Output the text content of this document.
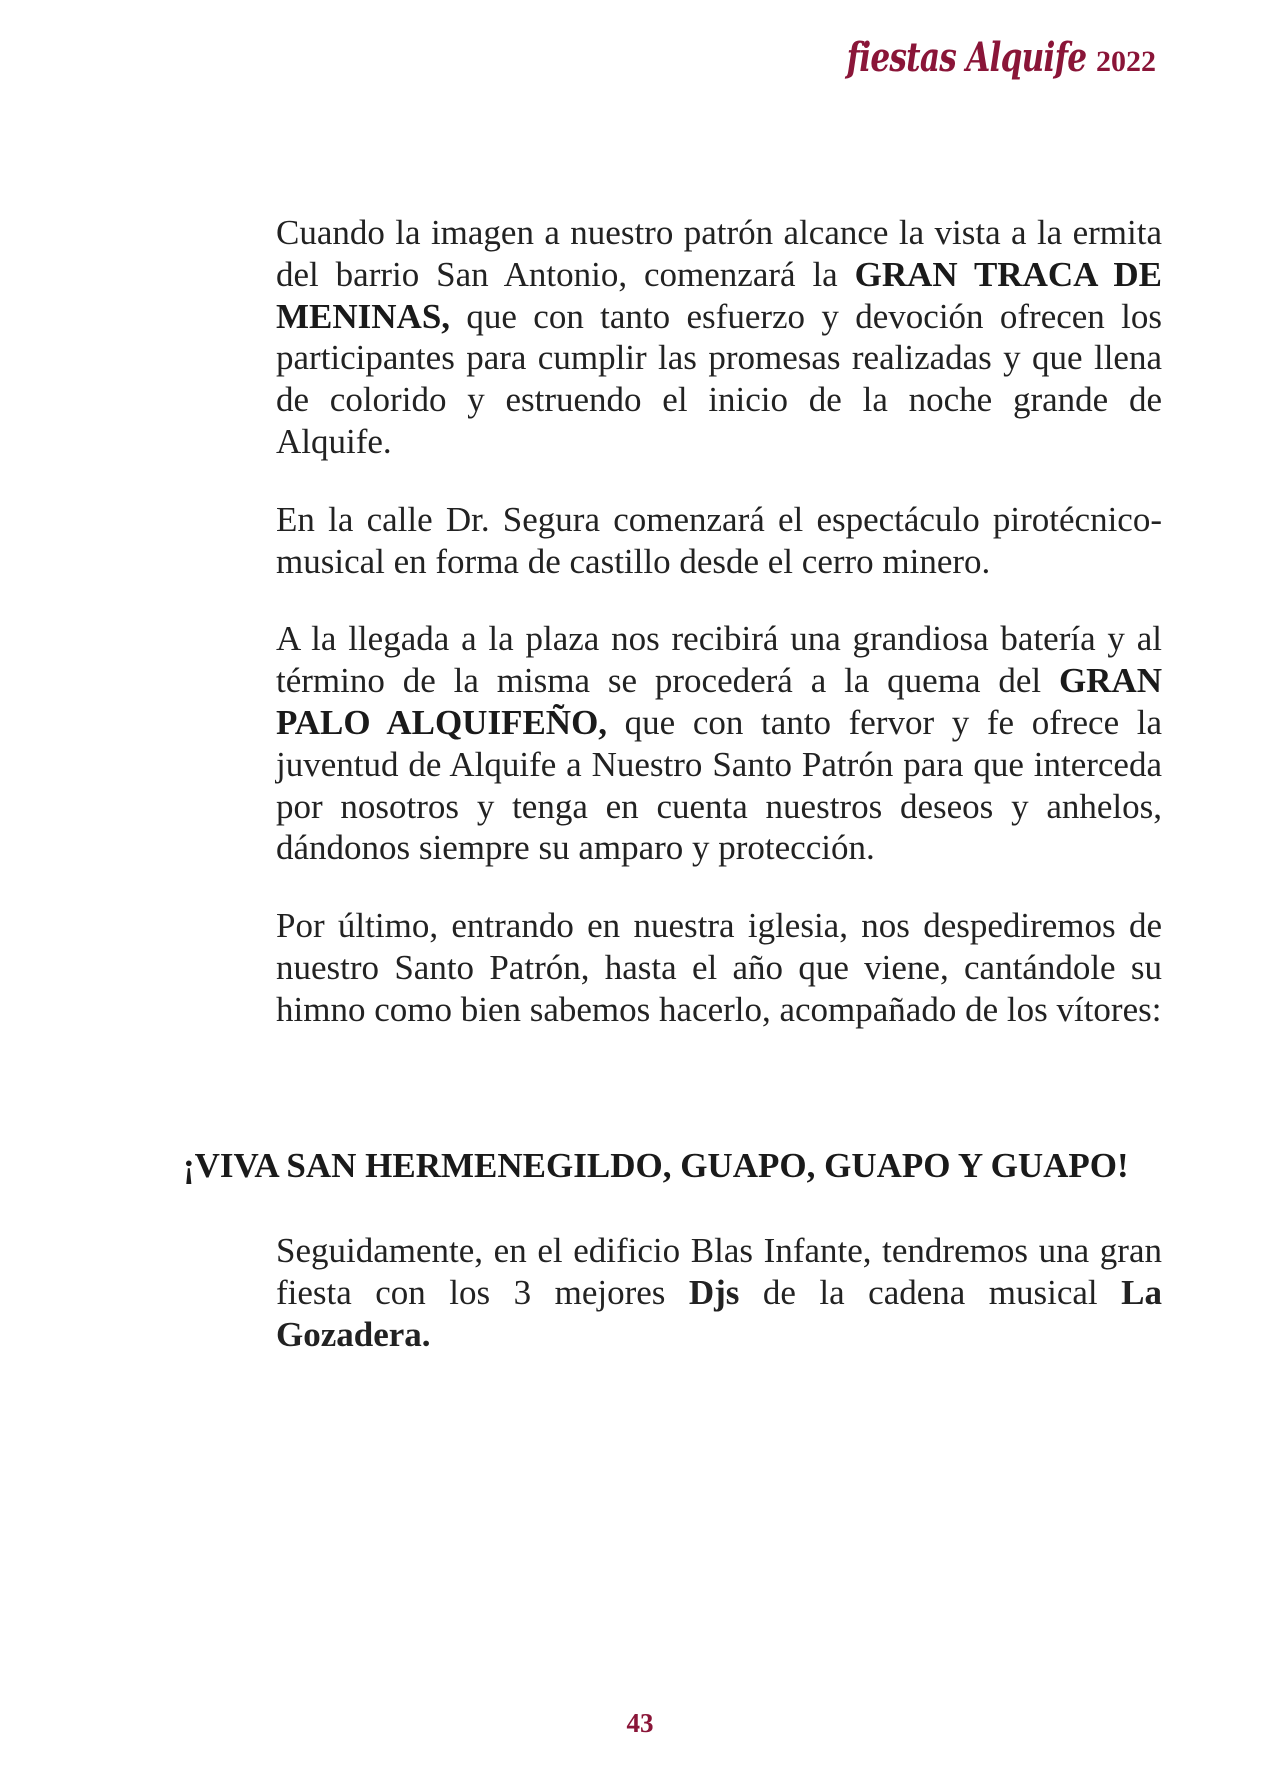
fiestas Alquife 2022

Cuando la imagen a nuestro patrón alcance la vista a la ermita del barrio San Antonio, comenzará la GRAN TRACA DE MENINAS, que con tanto esfuerzo y devoción ofrecen los participantes para cumplir las promesas realizadas y que llena de colorido y estruendo el inicio de la noche grande de Alquife.

En la calle Dr. Segura comenzará el espectáculo pirotécnico-musical en forma de castillo desde el cerro minero.

A la llegada a la plaza nos recibirá una grandiosa batería y al término de la misma se procederá a la quema del GRAN PALO ALQUIFEÑO, que con tanto fervor y fe ofrece la juventud de Alquife a Nuestro Santo Patrón para que interceda por nosotros y tenga en cuenta nuestros deseos y anhelos, dándonos siempre su amparo y protección.

Por último, entrando en nuestra iglesia, nos despediremos de nuestro Santo Patrón, hasta el año que viene, cantándole su himno como bien sabemos hacerlo, acompañado de los vítores:

¡VIVA SAN HERMENEGILDO, GUAPO, GUAPO Y GUAPO!

Seguidamente, en el edificio Blas Infante, tendremos una gran fiesta con los 3 mejores Djs de la cadena musical La Gozadera.

43
